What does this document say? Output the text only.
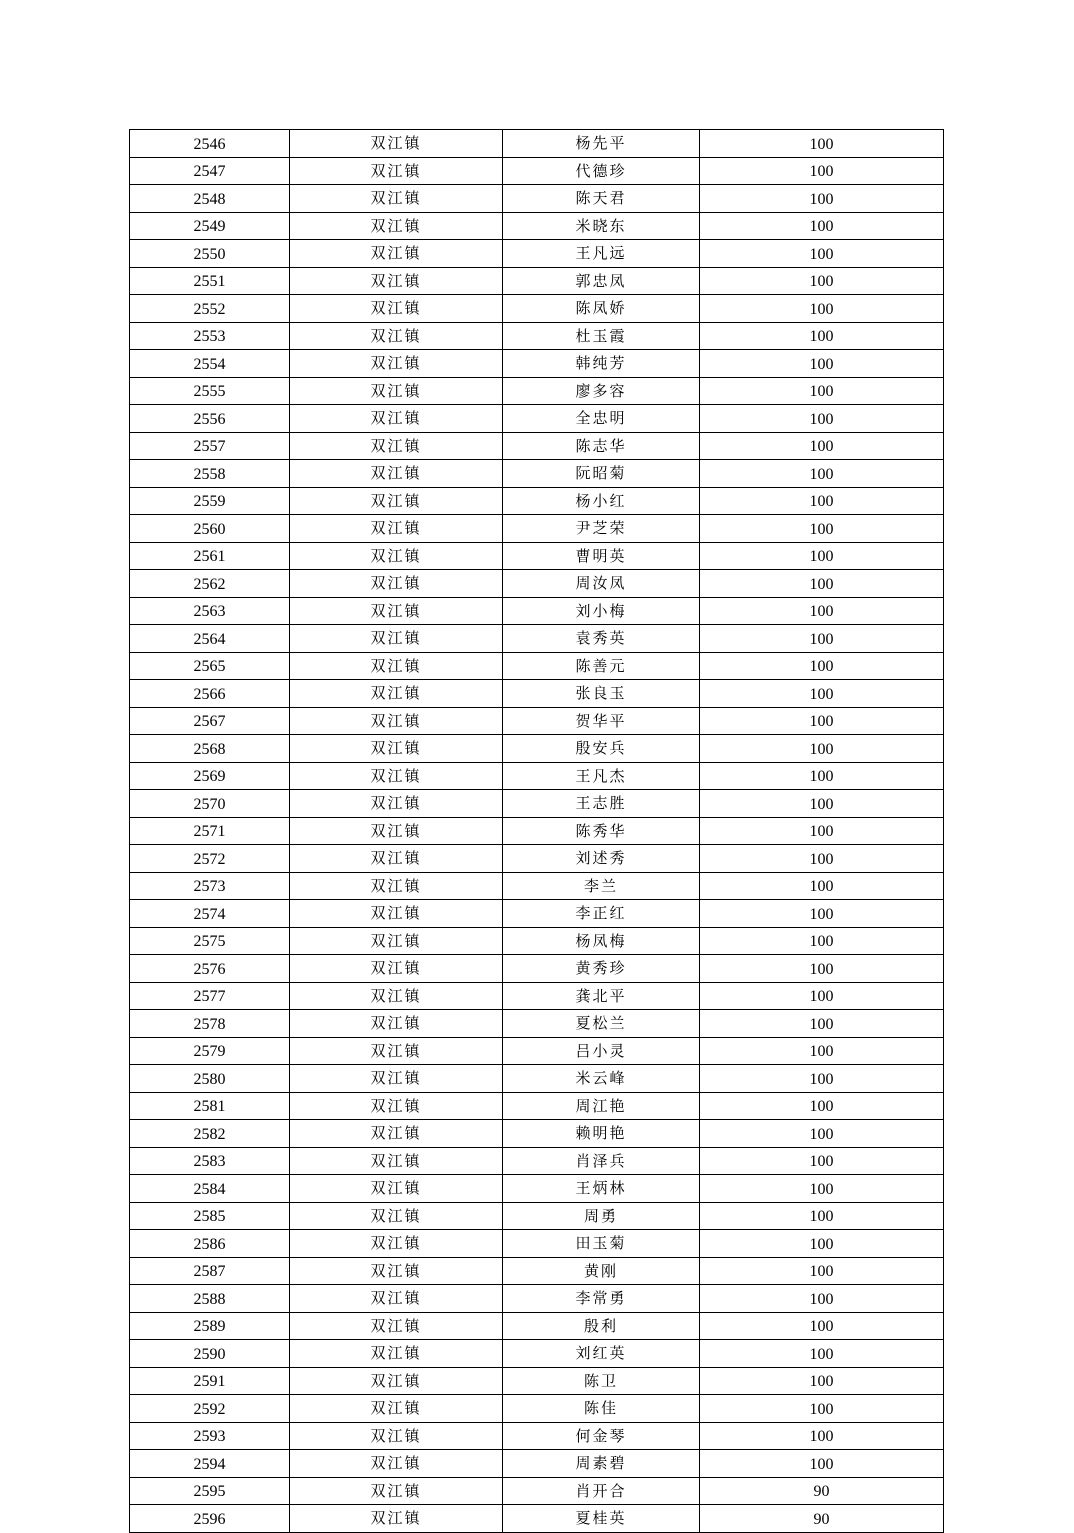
2546	双江镇	杨先平	100
2547	双江镇	代德珍	100
2548	双江镇	陈天君	100
2549	双江镇	米晓东	100
2550	双江镇	王凡远	100
2551	双江镇	郭忠凤	100
2552	双江镇	陈凤娇	100
2553	双江镇	杜玉霞	100
2554	双江镇	韩纯芳	100
2555	双江镇	廖多容	100
2556	双江镇	全忠明	100
2557	双江镇	陈志华	100
2558	双江镇	阮昭菊	100
2559	双江镇	杨小红	100
2560	双江镇	尹芝荣	100
2561	双江镇	曹明英	100
2562	双江镇	周汝凤	100
2563	双江镇	刘小梅	100
2564	双江镇	袁秀英	100
2565	双江镇	陈善元	100
2566	双江镇	张良玉	100
2567	双江镇	贺华平	100
2568	双江镇	殷安兵	100
2569	双江镇	王凡杰	100
2570	双江镇	王志胜	100
2571	双江镇	陈秀华	100
2572	双江镇	刘述秀	100
2573	双江镇	李兰	100
2574	双江镇	李正红	100
2575	双江镇	杨凤梅	100
2576	双江镇	黄秀珍	100
2577	双江镇	龚北平	100
2578	双江镇	夏松兰	100
2579	双江镇	吕小灵	100
2580	双江镇	米云峰	100
2581	双江镇	周江艳	100
2582	双江镇	赖明艳	100
2583	双江镇	肖泽兵	100
2584	双江镇	王炳林	100
2585	双江镇	周勇	100
2586	双江镇	田玉菊	100
2587	双江镇	黄刚	100
2588	双江镇	李常勇	100
2589	双江镇	殷利	100
2590	双江镇	刘红英	100
2591	双江镇	陈卫	100
2592	双江镇	陈佳	100
2593	双江镇	何金琴	100
2594	双江镇	周素碧	100
2595	双江镇	肖开合	90
2596	双江镇	夏桂英	90
